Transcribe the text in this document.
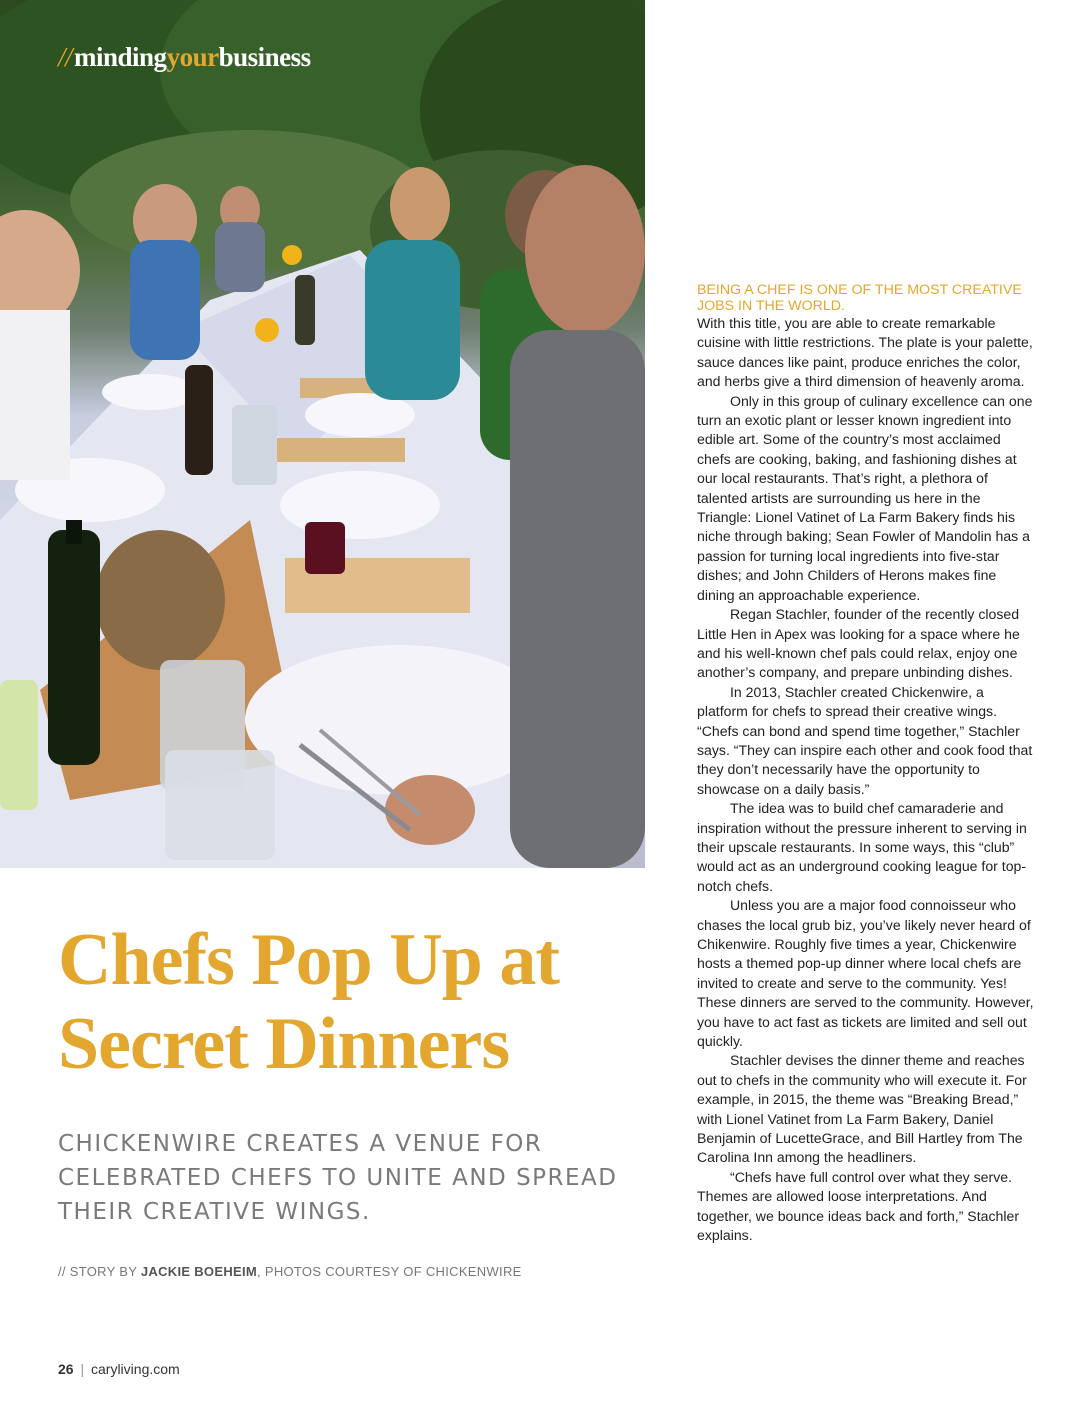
//mindingyourbusiness
Chefs Pop Up at Secret Dinners

CHICKENWIRE CREATES A VENUE FOR CELEBRATED CHEFS TO UNITE AND SPREAD THEIR CREATIVE WINGS.

// STORY BY JACKIE BOEHEIM, PHOTOS COURTESY OF CHICKENWIRE
26 | caryliving.com

BEING A CHEF IS ONE OF THE MOST CREATIVE JOBS IN THE WORLD.

With this title, you are able to create remarkable cuisine with little restrictions. The plate is your palette, sauce dances like paint, produce enriches the color, and herbs give a third dimension of heavenly aroma.

Only in this group of culinary excellence can one turn an exotic plant or lesser known ingredient into edible art. Some of the country’s most acclaimed chefs are cooking, baking, and fashioning dishes at our local restaurants. That’s right, a plethora of talented artists are surrounding us here in the Triangle: Lionel Vatinet of La Farm Bakery finds his niche through baking; Sean Fowler of Mandolin has a passion for turning local ingredients into five-star dishes; and John Childers of Herons makes fine dining an approachable experience.

Regan Stachler, founder of the recently closed Little Hen in Apex was looking for a space where he and his well-known chef pals could relax, enjoy one another’s company, and prepare unbinding dishes.

In 2013, Stachler created Chickenwire, a platform for chefs to spread their creative wings. “Chefs can bond and spend time together,” Stachler says. “They can inspire each other and cook food that they don’t necessarily have the opportunity to showcase on a daily basis.”

The idea was to build chef camaraderie and inspiration without the pressure inherent to serving in their upscale restaurants. In some ways, this “club” would act as an underground cooking league for top-notch chefs.

Unless you are a major food connoisseur who chases the local grub biz, you’ve likely never heard of Chikenwire. Roughly five times a year, Chickenwire hosts a themed pop-up dinner where local chefs are invited to create and serve to the community. Yes! These dinners are served to the community. However, you have to act fast as tickets are limited and sell out quickly.

Stachler devises the dinner theme and reaches out to chefs in the community who will execute it. For example, in 2015, the theme was “Breaking Bread,” with Lionel Vatinet from La Farm Bakery, Daniel Benjamin of LucetteGrace, and Bill Hartley from The Carolina Inn among the headliners.

“Chefs have full control over what they serve. Themes are allowed loose interpretations. And together, we bounce ideas back and forth,” Stachler explains.
